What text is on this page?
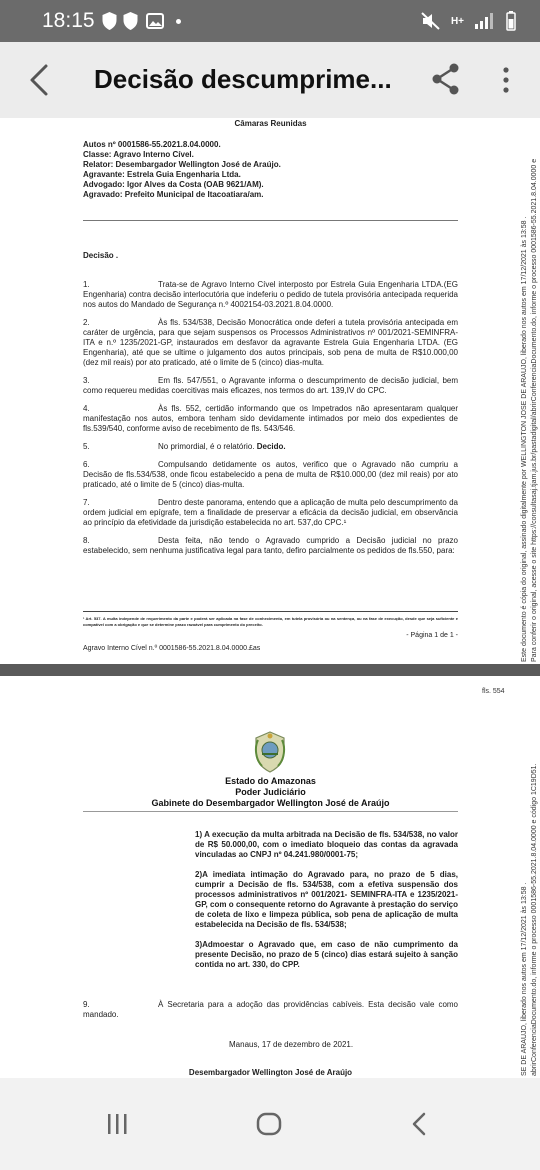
18:15	H+
Decisão descumprime...
Câmaras Reunidas
Autos nº 0001586-55.2021.8.04.0000.
Classe: Agravo Interno Cível.
Relator: Desembargador Wellington José de Araújo.
Agravante: Estrela Guia Engenharia Ltda.
Advogado: Igor Alves da Costa (OAB 9621/AM).
Agravado: Prefeito Municipal de Itacoatiara/am.
Decisão .
1.	Trata-se de Agravo Interno Cível interposto por Estrela Guia Engenharia LTDA.(EG Engenharia) contra decisão interlocutória que indeferiu o pedido de tutela provisória antecipada requerida nos autos do Mandado de Segurança n.º 4002154-03.2021.8.04.0000.
2.	Às fls. 534/538, Decisão Monocrática onde deferi a tutela provisória antecipada em caráter de urgência, para que sejam suspensos os Processos Administrativos nº 001/2021-SEMINFRA-ITA e n.º 1235/2021-GP, instaurados em desfavor da agravante Estrela Guia Engenharia LTDA. (EG Engenharia), até que se ultime o julgamento dos autos principais, sob pena de multa de R$10.000,00 (dez mil reais) por ato praticado, até o limite de 5 (cinco) dias-multa.
3.	Em fls. 547/551, o Agravante informa o descumprimento de decisão judicial, bem como requereu medidas coercitivas mais eficazes, nos termos do art. 139,IV do CPC.
4.	Às fls. 552, certidão informando que os Impetrados não apresentaram qualquer manifestação nos autos, embora tenham sido devidamente intimados por meio dos expedientes de fls.539/540, conforme aviso de recebimento de fls. 543/546.
5.	No primordial, é o relatório. Decido.
6.	Compulsando detidamente os autos, verifico que o Agravado não cumpriu a Decisão de fls.534/538, onde ficou estabelecido a pena de multa de R$10.000,00 (dez mil reais) por ato praticado, até o limite de 5 (cinco) dias-multa.
7.	Dentro deste panorama, entendo que a aplicação de multa pelo descumprimento da ordem judicial em epígrafe, tem a finalidade de preservar a eficácia da decisão judicial, em observância ao princípio da efetividade da jurisdição estabelecida no art. 537,do CPC.¹
8.	Desta feita, não tendo o Agravado cumprido a Decisão judicial no prazo estabelecido, sem nenhuma justificativa legal para tanto, defiro parcialmente os pedidos de fls.550, para:
¹ Art. 537. A multa independe de requerimento da parte e poderá ser aplicada na fase de conhecimento, em tutela provisória ou na sentença, ou na fase de execução, desde que seja suficiente e compatível com a obrigação e que se determine prazo razoável para cumprimento do preceito.
- Página 1 de 1 -
Agravo Interno Cível n.º 0001586-55.2021.8.04.0000.£as	Este documento é cópia do original, assinado digitalmente por WELLINGTON JOSE DE ARAUJO, liberado nos autos em 17/12/2021 às 13:58 . Para conferir o original, acesse o site https://consultasaj.tjam.jus.br/pastadigital/abrirConferenciaDocumento.do, informe o processo 0001586-55.2021.8.04.0000 e
fls. 554
Estado do Amazonas
Poder Judiciário
Gabinete do Desembargador Wellington José de Araújo
1) A execução da multa arbitrada na Decisão de fls. 534/538, no valor de R$ 50.000,00, com o imediato bloqueio das contas da agravada vinculadas ao CNPJ nº 04.241.980/0001-75;
2)A imediata intimação do Agravado para, no prazo de 5 dias, cumprir a Decisão de fls. 534/538, com a efetiva suspensão dos processos administrativos nº 001/2021- SEMINFRA-ITA e 1235/2021-GP, com o consequente retorno do Agravante à prestação do serviço de coleta de lixo e limpeza pública, sob pena de aplicação de multa estabelecida na Decisão de fls. 534/538;
3)Admoestar o Agravado que, em caso de não cumprimento da presente Decisão, no prazo de 5 (cinco) dias estará sujeito à sanção contida no art. 330, do CPP.
9.	À Secretaria para a adoção das providências cabíveis. Esta decisão vale como mandado.
Manaus, 17 de dezembro de 2021.
Desembargador Wellington José de Araújo	SE DE ARAUJO, liberado nos autos em 17/12/2021 às 13:58 . abrirConferenciaDocumento.do, informe o processo 0001586-55.2021.8.04.0000 e código 1C19D51.
